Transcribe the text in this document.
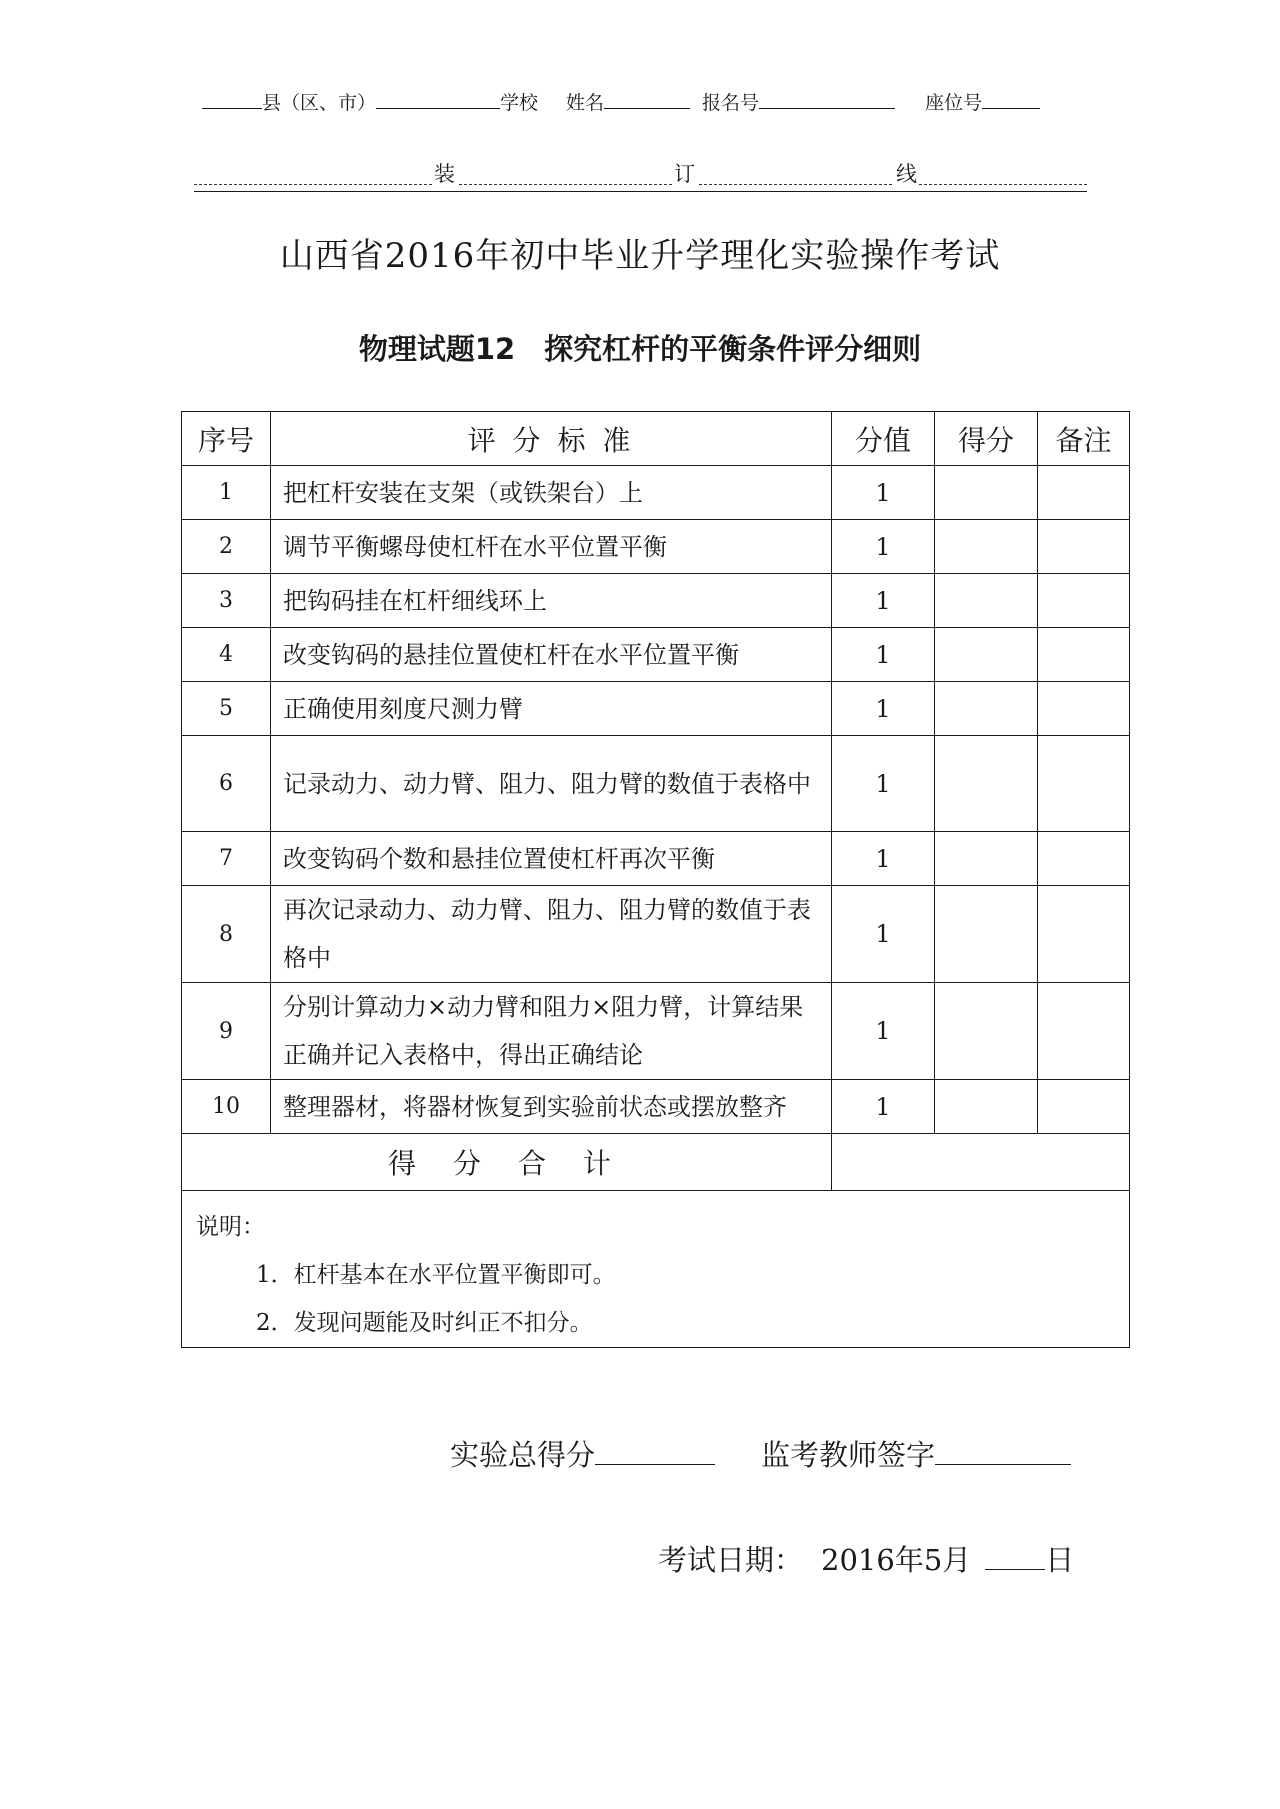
县（区、市）	学校 姓名	报名号	座位号
装	订	线
山西省2016年初中毕业升学理化实验操作考试
物理试题12　探究杠杆的平衡条件评分细则
序号	评 分 标 准	分值	得分	备注
1	把杠杆安装在支架（或铁架台）上	1		
2	调节平衡螺母使杠杆在水平位置平衡	1		
3	把钩码挂在杠杆细线环上	1		
4	改变钩码的悬挂位置使杠杆在水平位置平衡	1		
5	正确使用刻度尺测力臂	1		
6	记录动力、动力臂、阻力、阻力臂的数值于表格中	1		
7	改变钩码个数和悬挂位置使杠杆再次平衡	1		
8	再次记录动力、动力臂、阻力、阻力臂的数值于表格中	1		
9	分别计算动力×动力臂和阻力×阻力臂，计算结果正确并记入表格中，得出正确结论	1		
10	整理器材，将器材恢复到实验前状态或摆放整齐	1		
得 分 合 计				

说明：
1．杠杆基本在水平位置平衡即可。
2．发现问题能及时纠正不扣分。				
实验总得分	监考教师签字
考试日期： 2016年5月	日
